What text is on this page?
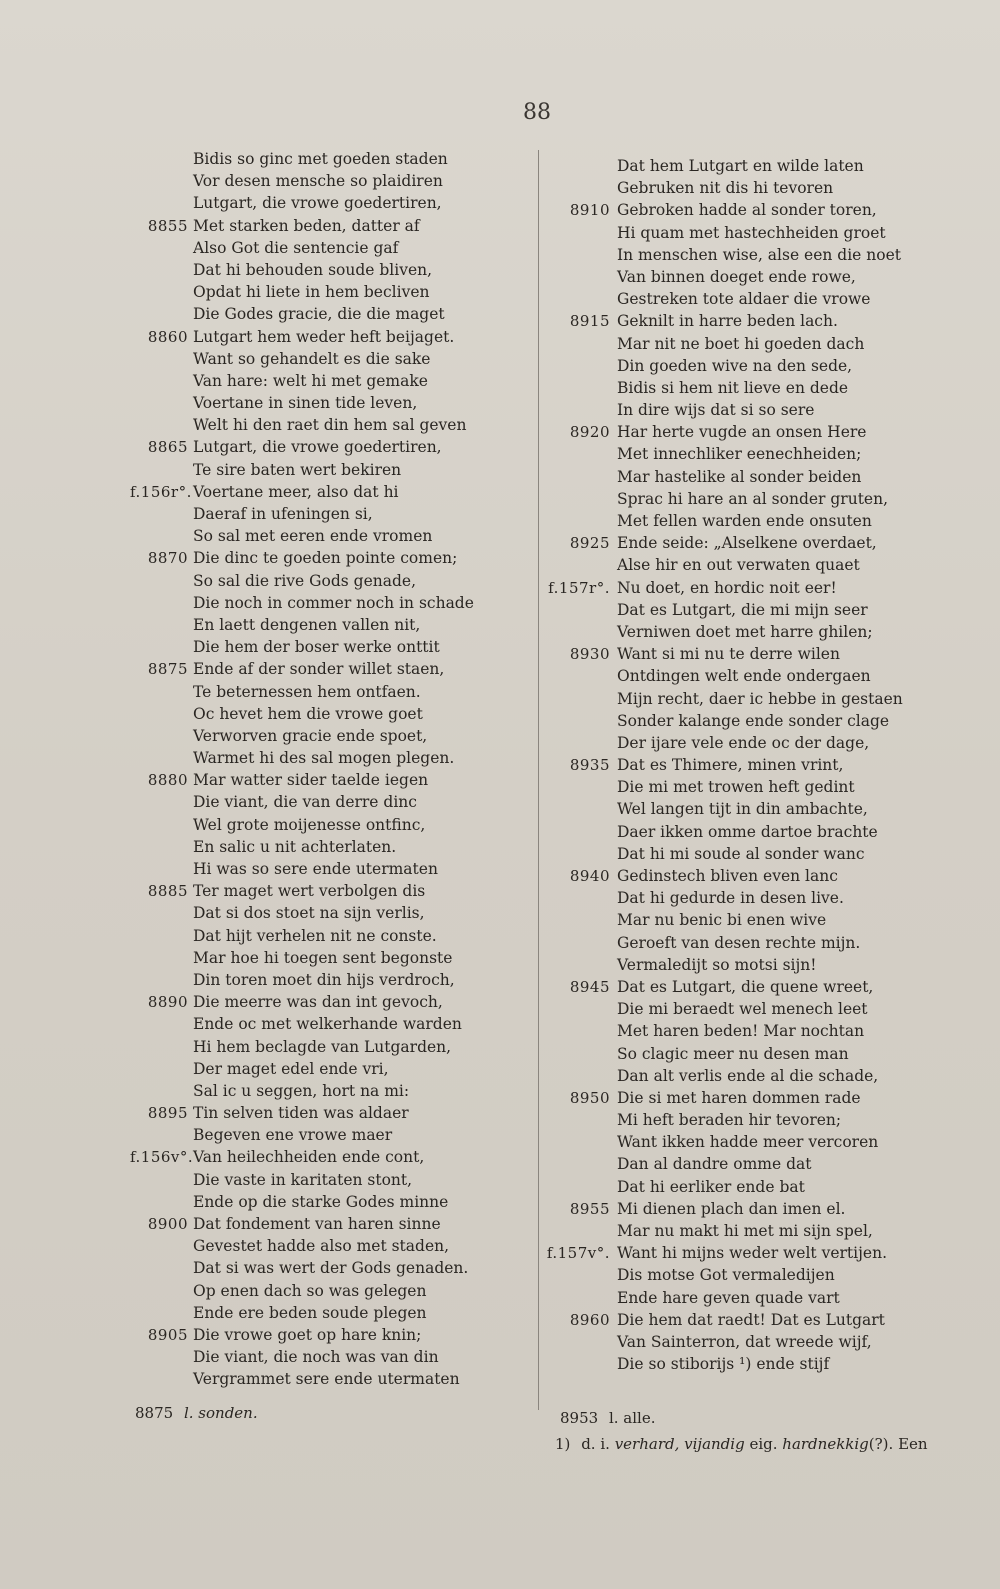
88
Bidis so ginc met goeden staden
Vor desen mensche so plaidiren
Lutgart, die vrowe goedertiren,
8855 Met starken beden, datter af
Also Got die sentencie gaf
Dat hi behouden soude bliven,
Opdat hi liete in hem becliven
Die Godes gracie, die die maget
8860 Lutgart hem weder heft beijaget.
Want so gehandelt es die sake
Van hare: welt hi met gemake
Voertane in sinen tide leven,
Welt hi den raet din hem sal geven
8865 Lutgart, die vrowe goedertiren,
Te sire baten wert bekiren
f.156r°. Voertane meer, also dat hi
Daeraf in ufeningen si,
So sal met eeren ende vromen
8870 Die dinc te goeden pointe comen;
So sal die rive Gods genade,
Die noch in commer noch in schade
En laett dengenen vallen nit,
Die hem der boser werke onttit
8875 Ende af der sonder willet staen,
Te beternessen hem ontfaen.
Oc hevet hem die vrowe goet
Verworven gracie ende spoet,
Warmet hi des sal mogen plegen.
8880 Mar watter sider taelde iegen
Die viant, die van derre dinc
Wel grote moijenesse ontfinc,
En salic u nit achterlaten.
Hi was so sere ende utermaten
8885 Ter maget wert verbolgen dis
Dat si dos stoet na sijn verlis,
Dat hijt verhelen nit ne conste.
Mar hoe hi toegen sent begonste
Din toren moet din hijs verdroch,
8890 Die meerre was dan int gevoch,
Ende oc met welkerhande warden
Hi hem beclagde van Lutgarden,
Der maget edel ende vri,
Sal ic u seggen, hort na mi:
8895 Tin selven tiden was aldaer
Begeven ene vrowe maer
f.156v°. Van heilechheiden ende cont,
Die vaste in karitaten stont,
Ende op die starke Godes minne
8900 Dat fondement van haren sinne
Gevestet hadde also met staden,
Dat si was wert der Gods genaden.
Op enen dach so was gelegen
Ende ere beden soude plegen
8905 Die vrowe goet op hare knin;
Die viant, die noch was van din
Vergrammet sere ende utermaten
Dat hem Lutgart en wilde laten
Gebruken nit dis hi tevoren
8910 Gebroken hadde al sonder toren,
Hi quam met hastechheiden groet
In menschen wise, alse een die noet
Van binnen doeget ende rowe,
Gestreken tote aldaer die vrowe
8915 Geknilt in harre beden lach.
Mar nit ne boet hi goeden dach
Din goeden wive na den sede,
Bidis si hem nit lieve en dede
In dire wijs dat si so sere
8920 Har herte vugde an onsen Here
Met innechliker eenechheiden;
Mar hastelike al sonder beiden
Sprac hi hare an al sonder gruten,
Met fellen warden ende onsuten
8925 Ende seide: „Alselkene overdaet,
Alse hir en out verwaten quaet
f.157r°. Nu doet, en hordic noit eer!
Dat es Lutgart, die mi mijn seer
Verniwen doet met harre ghilen;
8930 Want si mi nu te derre wilen
Ontdingen welt ende ondergaen
Mijn recht, daer ic hebbe in gestaen
Sonder kalange ende sonder clage
Der ijare vele ende oc der dage,
8935 Dat es Thimere, minen vrint,
Die mi met trowen heft gedint
Wel langen tijt in din ambachte,
Daer ikken omme dartoe brachte
Dat hi mi soude al sonder wanc
8940 Gedinstech bliven even lanc
Dat hi gedurde in desen live.
Mar nu benic bi enen wive
Geroeft van desen rechte mijn.
Vermaledijt so motsi sijn!
8945 Dat es Lutgart, die quene wreet,
Die mi beraedt wel menech leet
Met haren beden! Mar nochtan
So clagic meer nu desen man
Dan alt verlis ende al die schade,
8950 Die si met haren dommen rade
Mi heft beraden hir tevoren;
Want ikken hadde meer vercoren
Dan al dandre omme dat
Dat hi eerliker ende bat
8955 Mi dienen plach dan imen el.
Mar nu makt hi met mi sijn spel,
f.157v°. Want hi mijns weder welt vertijen.
Dis motse Got vermaledijen
Ende hare geven quade vart
8960 Die hem dat raedt! Dat es Lutgart
Van Sainterron, dat wreede wijf,
Die so stiborijs ¹) ende stijf
8875 l. sonden.	8953 l. alle.
1) d. i. verhard, vijandig eig. hardnekkig(?). Een
